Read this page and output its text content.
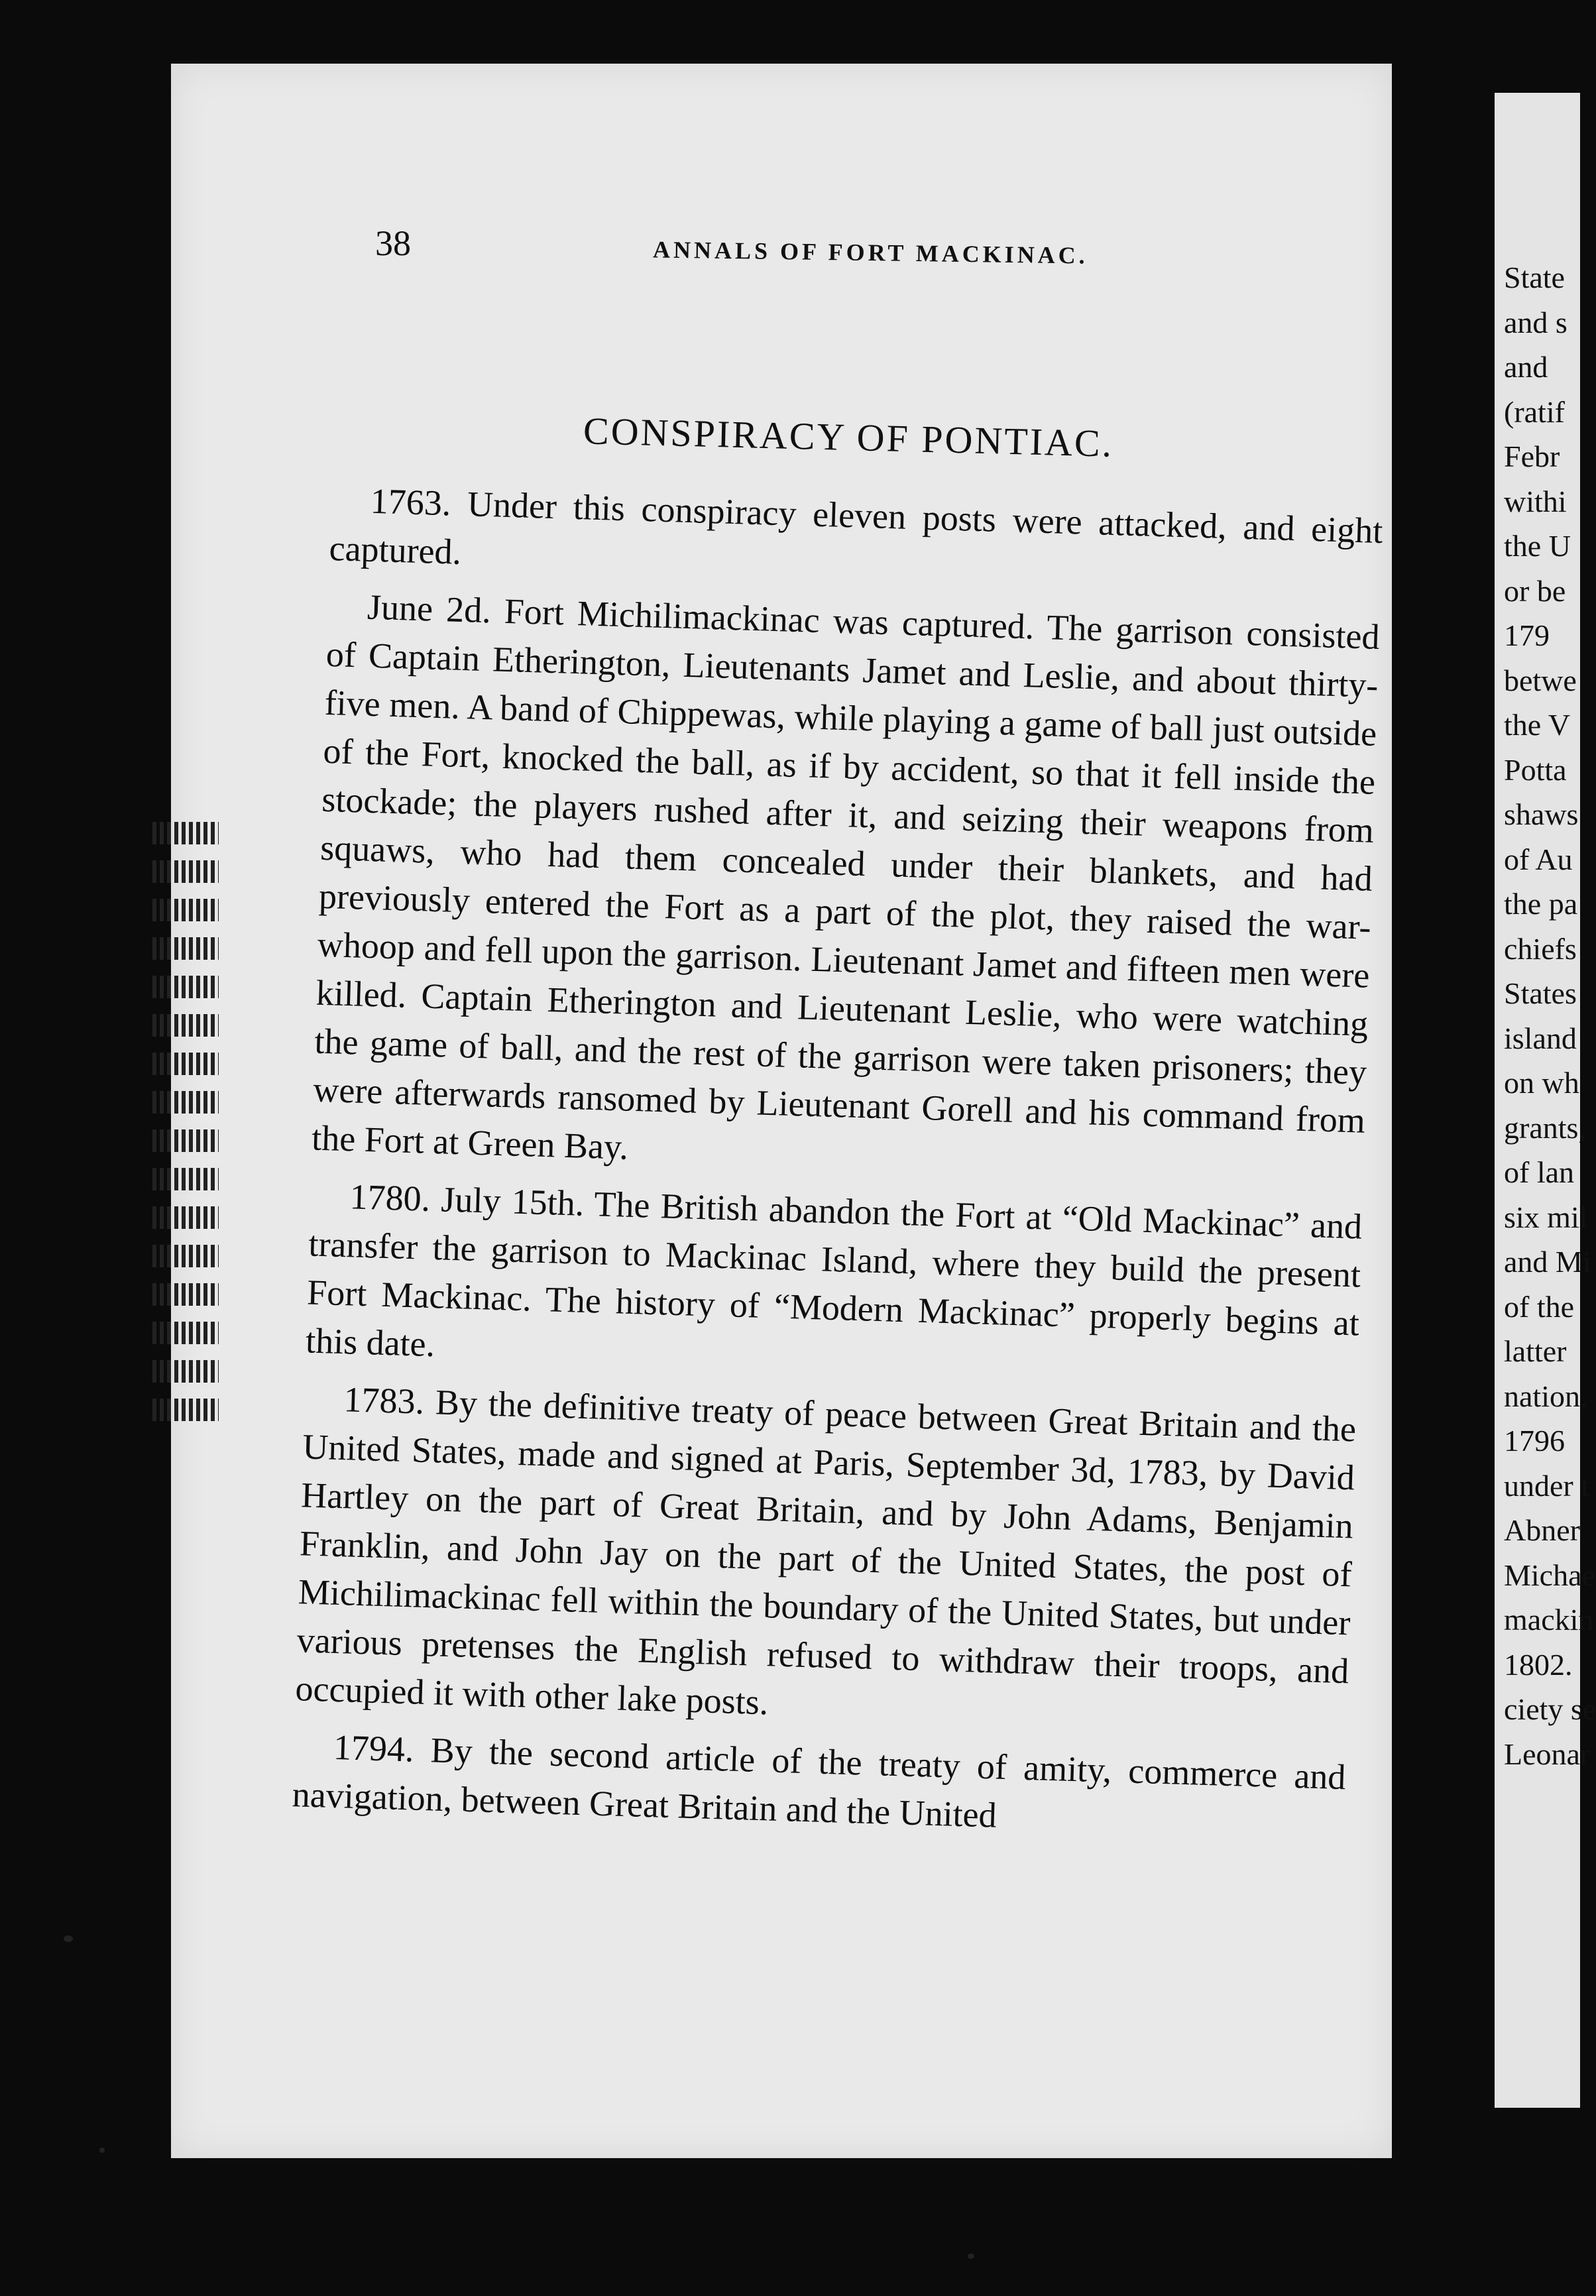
38	ANNALS OF FORT MACKINAC.
CONSPIRACY OF PONTIAC.

1763. Under this conspiracy eleven posts were attacked, and eight captured.

June 2d. Fort Michilimackinac was captured. The garrison consisted of Captain Etherington, Lieutenants Jamet and Leslie, and about thirty-five men. A band of Chippewas, while playing a game of ball just outside of the Fort, knocked the ball, as if by accident, so that it fell inside the stockade; the players rushed after it, and seizing their weapons from squaws, who had them concealed under their blankets, and had previously entered the Fort as a part of the plot, they raised the war-whoop and fell upon the garrison. Lieutenant Jamet and fifteen men were killed. Captain Etherington and Lieutenant Leslie, who were watching the game of ball, and the rest of the garrison were taken prisoners; they were afterwards ransomed by Lieutenant Gorell and his command from the Fort at Green Bay.

1780. July 15th. The British abandon the Fort at “Old Mackinac” and transfer the garrison to Mackinac Island, where they build the present Fort Mackinac. The history of “Modern Mackinac” properly begins at this date.

1783. By the definitive treaty of peace between Great Britain and the United States, made and signed at Paris, September 3d, 1783, by David Hartley on the part of Great Britain, and by John Adams, Benjamin Franklin, and John Jay on the part of the United States, the post of Michilimackinac fell within the boundary of the United States, but under various pretenses the English refused to withdraw their troops, and occupied it with other lake posts.

1794. By the second article of the treaty of amity, commerce and navigation, between Great Britain and the United

State
and s
and
(ratif
Febr
withi
the U
or be
179
betwe
the V
Potta
shaws
of Au
the pa
chiefs
States
island
on wh
grants,
of lan
six mil
and Mi
of the
latter
nation.
1796
under t
Abner
Michae
mackin
1802.
ciety se
Leonar
